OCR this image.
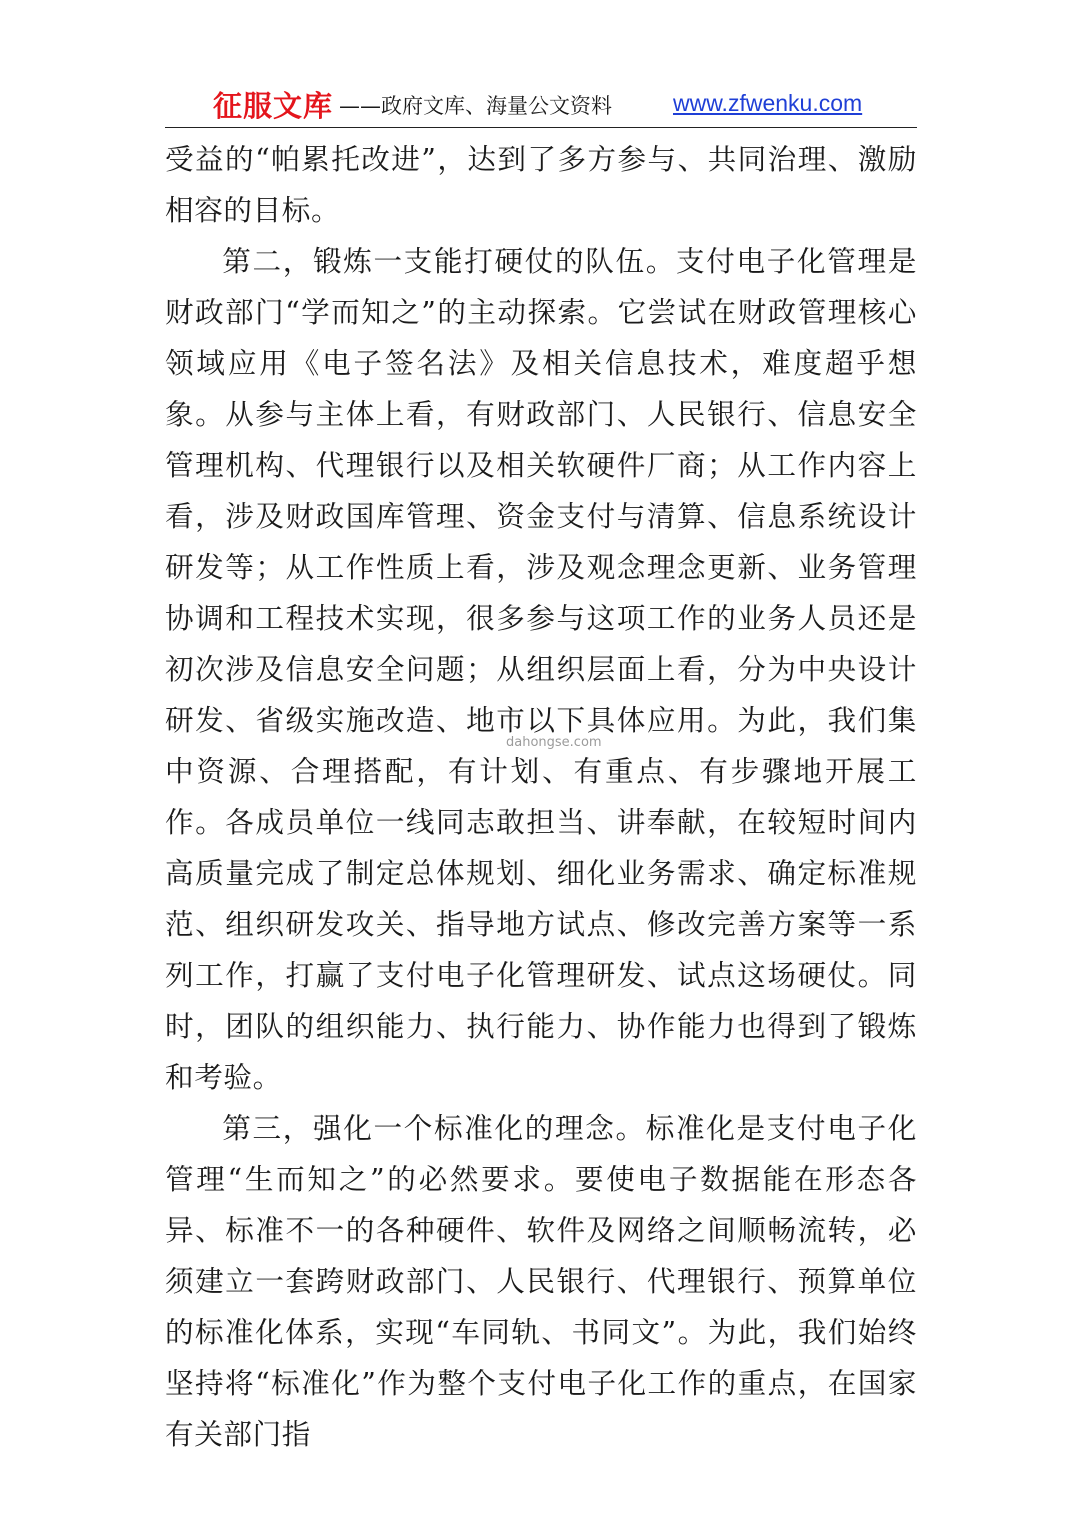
征服文库 ——政府文库、海量公文资料	www.zfwenku.com

受益的“帕累托改进”，达到了多方参与、共同治理、激励相容的目标。

第二，锻炼一支能打硬仗的队伍。支付电子化管理是财政部门“学而知之”的主动探索。它尝试在财政管理核心领域应用《电子签名法》及相关信息技术，难度超乎想象。从参与主体上看，有财政部门、人民银行、信息安全管理机构、代理银行以及相关软硬件厂商；从工作内容上看，涉及财政国库管理、资金支付与清算、信息系统设计研发等；从工作性质上看，涉及观念理念更新、业务管理协调和工程技术实现，很多参与这项工作的业务人员还是初次涉及信息安全问题；从组织层面上看，分为中央设计研发、省级实施改造、地市以下具体应用。为此，我们集中资源、合理搭配，有计划、有重点、有步骤地开展工作。各成员单位一线同志敢担当、讲奉献，在较短时间内高质量完成了制定总体规划、细化业务需求、确定标准规范、组织研发攻关、指导地方试点、修改完善方案等一系列工作，打赢了支付电子化管理研发、试点这场硬仗。同时，团队的组织能力、执行能力、协作能力也得到了锻炼和考验。

第三，强化一个标准化的理念。标准化是支付电子化管理“生而知之”的必然要求。要使电子数据能在形态各异、标准不一的各种硬件、软件及网络之间顺畅流转，必须建立一套跨财政部门、人民银行、代理银行、预算单位的标准化体系，实现“车同轨、书同文”。为此，我们始终坚持将“标准化”作为整个支付电子化工作的重点，在国家有关部门指

dahongse.com
